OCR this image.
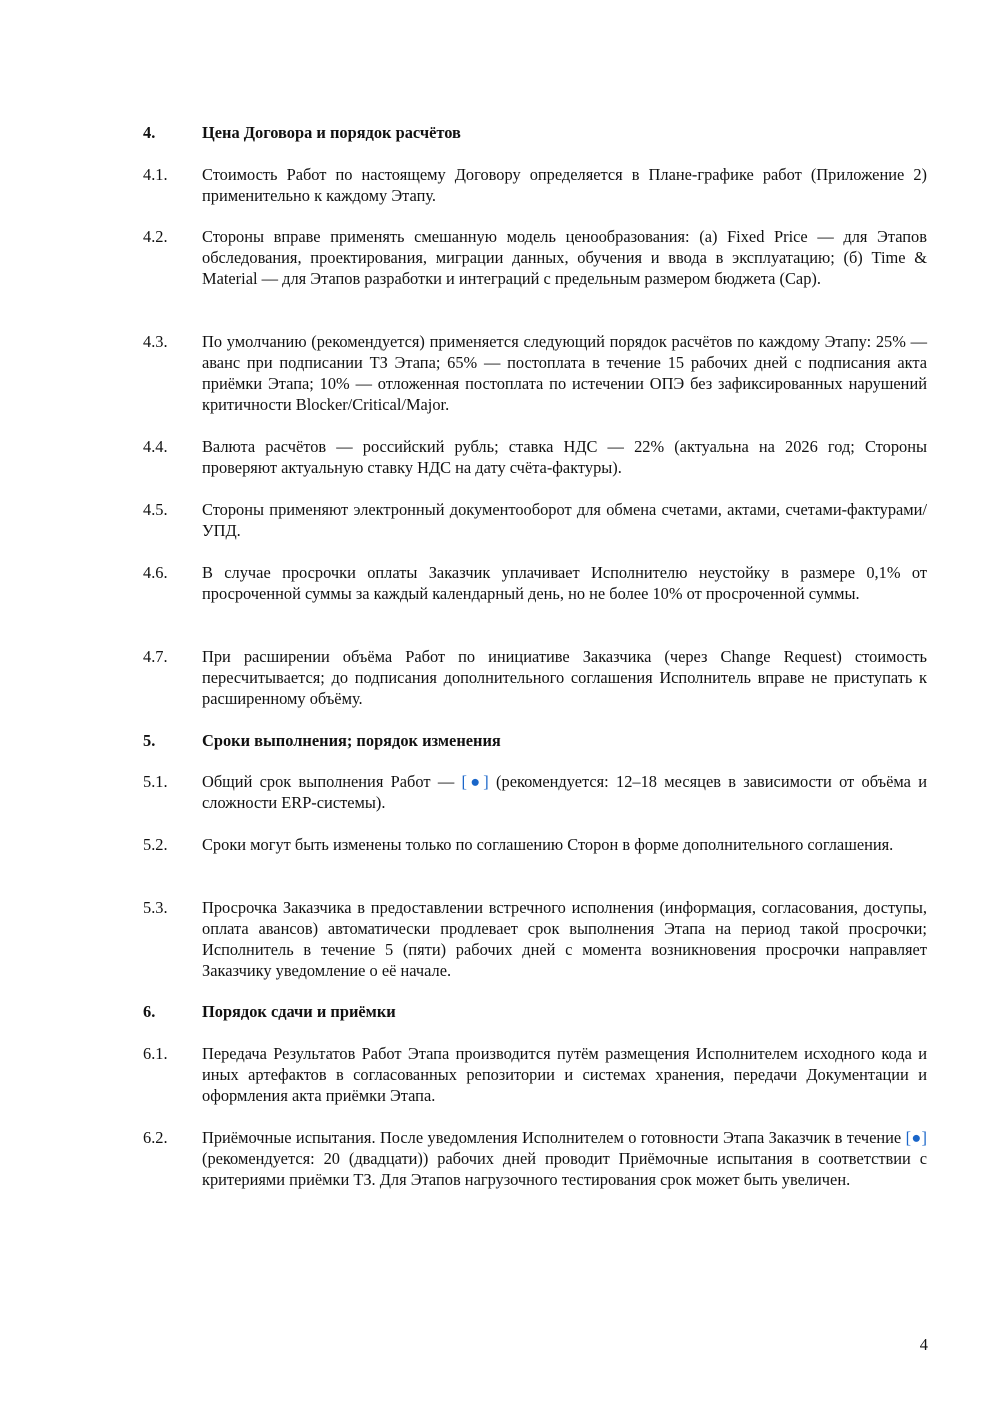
4.	Цена Договора и порядок расчётов
4.1. Стоимость Работ по настоящему Договору определяется в Плане-графике работ (Приложение 2) применительно к каждому Этапу.
4.2. Стороны вправе применять смешанную модель ценообразования: (а) Fixed Price — для Этапов обследования, проектирования, миграции данных, обучения и ввода в эксплуатацию; (б) Time & Material — для Этапов разработки и интеграций с предельным размером бюджета (Cap).
4.3. По умолчанию (рекомендуется) применяется следующий порядок расчётов по каждому Этапу: 25% — аванс при подписании ТЗ Этапа; 65% — постоплата в течение 15 рабочих дней с подписания акта приёмки Этапа; 10% — отложенная постоплата по истечении ОПЭ без зафиксированных нарушений критичности Blocker/Critical/Major.
4.4. Валюта расчётов — российский рубль; ставка НДС — 22% (актуальна на 2026 год; Стороны проверяют актуальную ставку НДС на дату счёта-фактуры).
4.5. Стороны применяют электронный документооборот для обмена счетами, актами, счетами-фактурами/УПД.
4.6. В случае просрочки оплаты Заказчик уплачивает Исполнителю неустойку в размере 0,1% от просроченной суммы за каждый календарный день, но не более 10% от просроченной суммы.
4.7. При расширении объёма Работ по инициативе Заказчика (через Change Request) стоимость пересчитывается; до подписания дополнительного соглашения Исполнитель вправе не приступать к расширенному объёму.
5.	Сроки выполнения; порядок изменения
5.1. Общий срок выполнения Работ — [●] (рекомендуется: 12–18 месяцев в зависимости от объёма и сложности ERP-системы).
5.2. Сроки могут быть изменены только по соглашению Сторон в форме дополнительного соглашения.
5.3. Просрочка Заказчика в предоставлении встречного исполнения (информация, согласования, доступы, оплата авансов) автоматически продлевает срок выполнения Этапа на период такой просрочки; Исполнитель в течение 5 (пяти) рабочих дней с момента возникновения просрочки направляет Заказчику уведомление о её начале.
6.	Порядок сдачи и приёмки
6.1. Передача Результатов Работ Этапа производится путём размещения Исполнителем исходного кода и иных артефактов в согласованных репозитории и системах хранения, передачи Документации и оформления акта приёмки Этапа.
6.2. Приёмочные испытания. После уведомления Исполнителем о готовности Этапа Заказчик в течение [●] (рекомендуется: 20 (двадцати)) рабочих дней проводит Приёмочные испытания в соответствии с критериями приёмки ТЗ. Для Этапов нагрузочного тестирования срок может быть увеличен.
4
